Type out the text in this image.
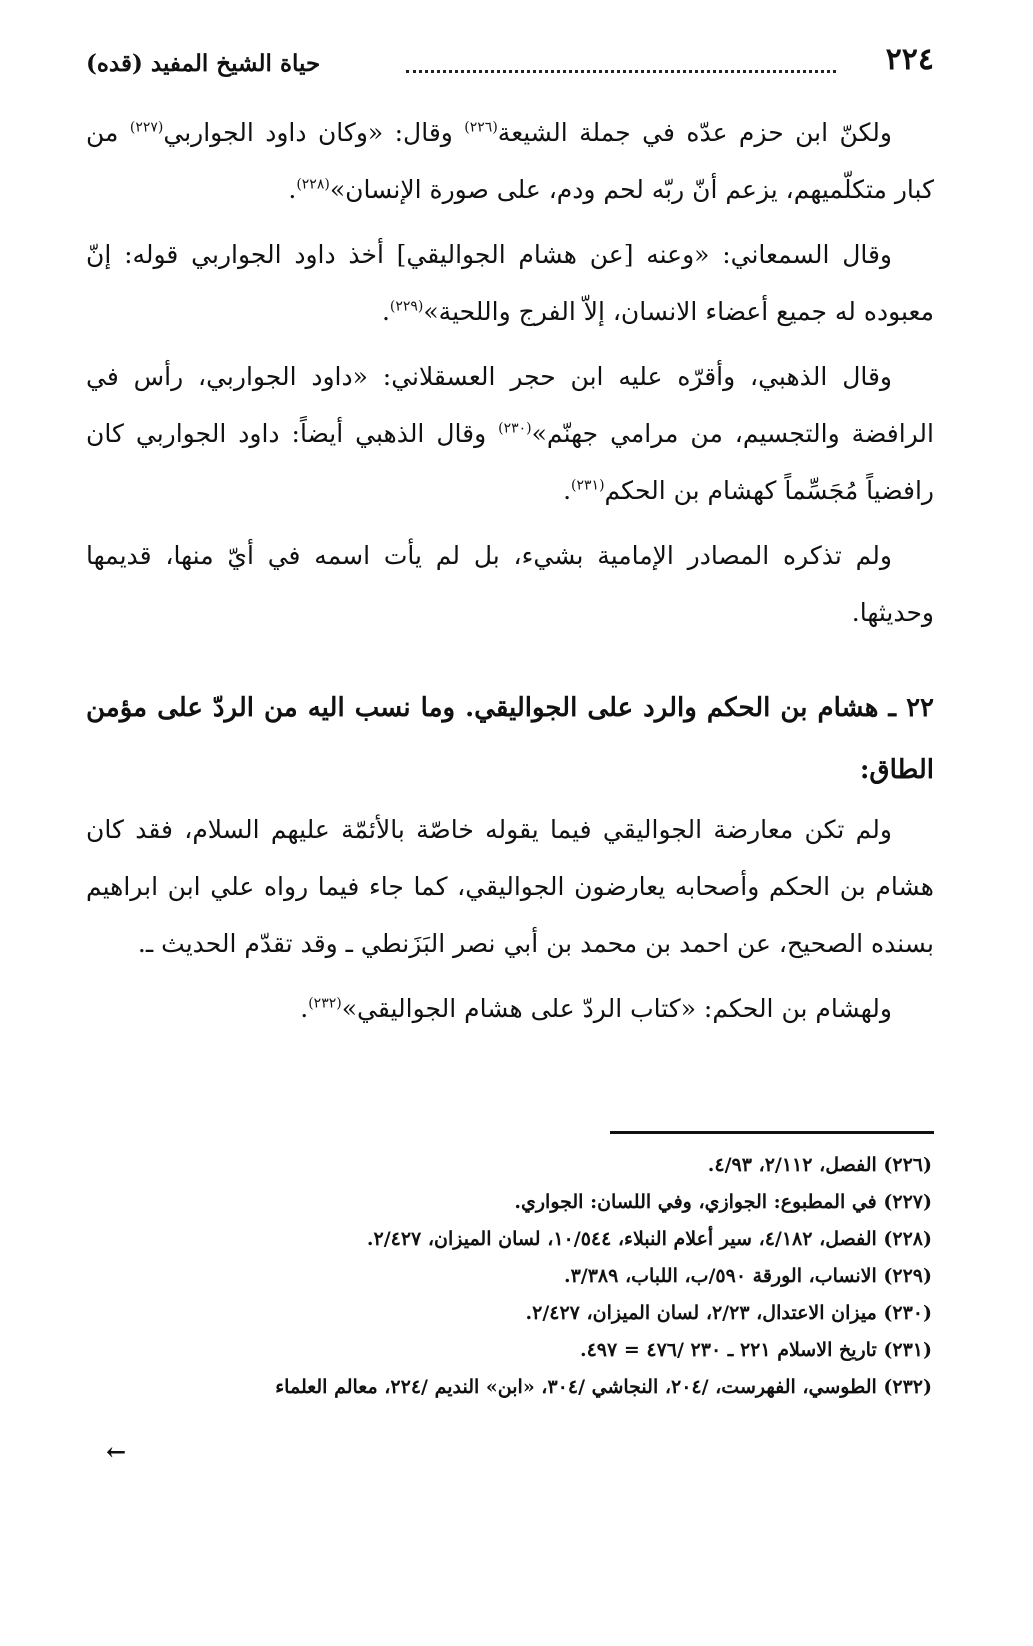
٢٢٤
حياة الشيخ المفيد (قده)

ولكنّ ابن حزم عدّه في جملة الشيعة$^{(٢٢٦)}$ وقال: «وكان داود الجواربي$^{(٢٢٧)}$ من كبار متكلّميهم، يزعم أنّ ربّه لحم ودم، على صورة الإنسان»$^{(٢٢٨)}$.

وقال السمعاني: «وعنه [عن هشام الجواليقي] أخذ داود الجواربي قوله: إنّ معبوده له جميع أعضاء الانسان، إلاّ الفرج واللحية»$^{(٢٢٩)}$.

وقال الذهبي، وأقرّه عليه ابن حجر العسقلاني: «داود الجواربي، رأس في الرافضة والتجسيم، من مرامي جهنّم»$^{(٢٣٠)}$ وقال الذهبي أيضاً: داود الجواربي كان رافضياً مُجَسِّماً كهشام بن الحكم$^{(٢٣١)}$.

ولم تذكره المصادر الإمامية بشيء، بل لم يأت اسمه في أيّ منها، قديمها وحديثها.

٢٢ ـ هشام بن الحكم والرد على الجواليقي. وما نسب اليه من الردّ على مؤمن الطاق:

ولم تكن معارضة الجواليقي فيما يقوله خاصّة بالأئمّة عليهم السلام، فقد كان هشام بن الحكم وأصحابه يعارضون الجواليقي، كما جاء فيما رواه علي ابن ابراهيم بسنده الصحيح، عن احمد بن محمد بن أبي نصر البَزَنطي ـ وقد تقدّم الحديث ـ.

ولهشام بن الحكم: «كتاب الردّ على هشام الجواليقي»$^{(٢٣٢)}$.

(٢٢٦) الفصل، ٢/١١٢، ٤/٩٣.
(٢٢٧) في المطبوع: الجوازي، وفي اللسان: الجواري.
(٢٢٨) الفصل، ٤/١٨٢، سير أعلام النبلاء، ١٠/٥٤٤، لسان الميزان، ٢/٤٢٧.
(٢٢٩) الانساب، الورقة ٥٩٠/ب، اللباب، ٣/٣٨٩.
(٢٣٠) ميزان الاعتدال، ٢/٢٣، لسان الميزان، ٢/٤٢٧.
(٢٣١) تاريخ الاسلام ٢٢١ ـ ٢٣٠ /٤٧٦ = ٤٩٧.
(٢٣٢) الطوسي، الفهرست، /٢٠٤، النجاشي /٣٠٤، «ابن» النديم /٢٢٤، معالم العلماء
←
